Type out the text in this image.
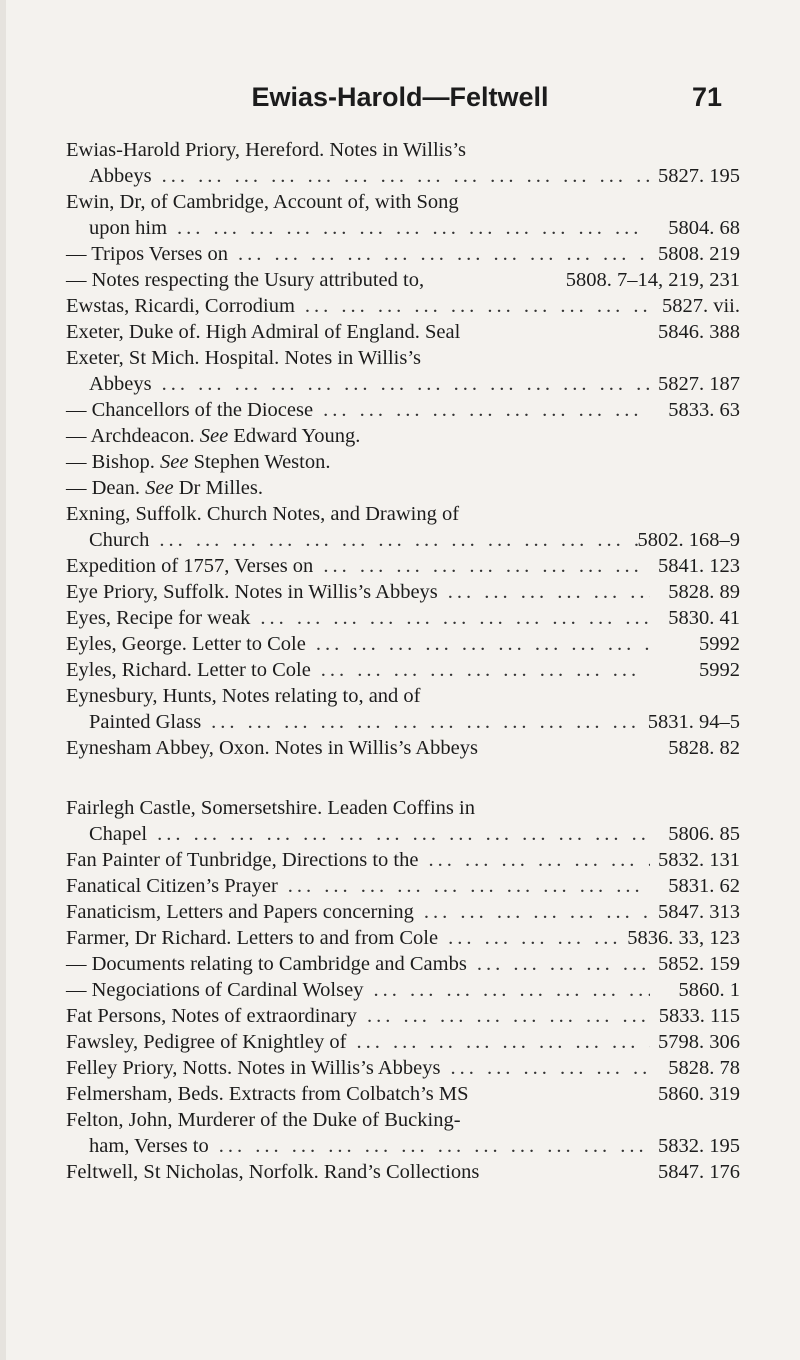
Ewias-Harold—Feltwell	71
Ewias-Harold Priory, Hereford. Notes in Willis’s
Abbeys ... .	5827. 195
Ewin, Dr, of Cambridge, Account of, with Song
upon him ... .	5804. 68
— Tripos Verses on ... .	5808. 219
— Notes respecting the Usury attributed to,	5808. 7–14, 219, 231
Ewstas, Ricardi, Corrodium ... .	5827. vii.
Exeter, Duke of. High Admiral of England. Seal	5846. 388
Exeter, St Mich. Hospital. Notes in Willis’s
Abbeys ... .	5827. 187
— Chancellors of the Diocese ... .	5833. 63
— Archdeacon. See Edward Young.
— Bishop. See Stephen Weston.
— Dean. See Dr Milles.
Exning, Suffolk. Church Notes, and Drawing of
Church ... .	5802. 168–9
Expedition of 1757, Verses on ... .	5841. 123
Eye Priory, Suffolk. Notes in Willis’s Abbeys ... .	5828. 89
Eyes, Recipe for weak ... .	5830. 41
Eyles, George. Letter to Cole ... .	5992
Eyles, Richard. Letter to Cole ... .	5992
Eynesbury, Hunts, Notes relating to, and of
Painted Glass ... .	5831. 94–5
Eynesham Abbey, Oxon. Notes in Willis’s Abbeys	5828. 82
Fairlegh Castle, Somersetshire. Leaden Coffins in
Chapel ... .	5806. 85
Fan Painter of Tunbridge, Directions to the ... .	5832. 131
Fanatical Citizen’s Prayer ... .	5831. 62
Fanaticism, Letters and Papers concerning ... .	5847. 313
Farmer, Dr Richard. Letters to and from Cole ... .	5836. 33, 123
— Documents relating to Cambridge and Cambs ... .	5852. 159
— Negociations of Cardinal Wolsey ... .	5860. 1
Fat Persons, Notes of extraordinary ... .	5833. 115
Fawsley, Pedigree of Knightley of ... .	5798. 306
Felley Priory, Notts. Notes in Willis’s Abbeys ... .	5828. 78
Felmersham, Beds. Extracts from Colbatch’s MS	5860. 319
Felton, John, Murderer of the Duke of Bucking-
ham, Verses to ... .	5832. 195
Feltwell, St Nicholas, Norfolk. Rand’s Collections	5847. 176
